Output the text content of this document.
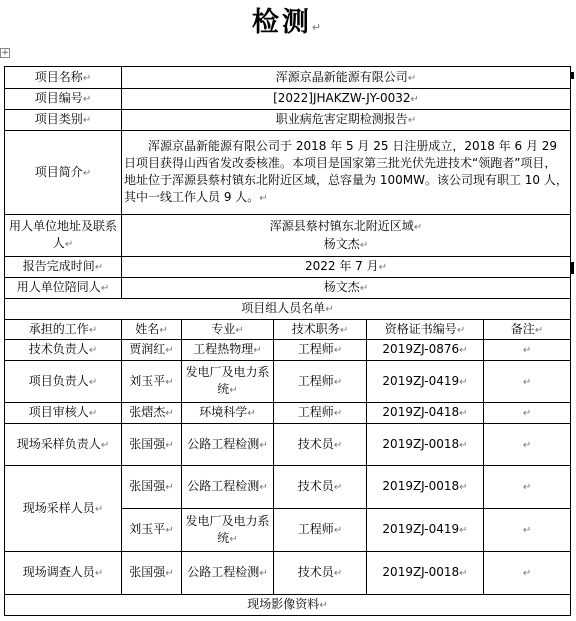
检测↵
+
项目名称↵	浑源京晶新能源有限公司↵				
项目编号↵	[2022]JHAKZW-JY-0032↵				
项目类别↵	职业病危害定期检测报告↵				
项目简介↵	浑源京晶新能源有限公司于 2018 年 5 月 25 日注册成立，2018 年 6 月 29 日项目获得山西省发改委核准。本项目是国家第三批光伏先进技术“领跑者”项目，地址位于浑源县蔡村镇东北附近区域，总容量为 100MW。该公司现有职工 10 人，其中一线工作人员 9 人。↵				
用人单位地址及联系人↵	浑源县蔡村镇东北附近区域↵
杨文杰↵				

报告完成时间↵	2022 年 7 月↵				
用人单位陪同人↵	杨文杰↵				
项目组人员名单↵					
承担的工作↵	姓名↵	专业↵	技术职务↵	资格证书编号↵	备注↵
技术负责人↵	贾润红↵	工程热物理↵	工程师↵	2019ZJ-0876↵	↵
项目负责人↵	刘玉平↵	发电厂及电力系统↵	工程师↵	2019ZJ-0419↵	↵
项目审核人↵	张熠杰↵	环境科学↵	工程师↵	2019ZJ-0418↵	↵
现场采样负责人↵	张国强↵	公路工程检测↵	技术员↵	2019ZJ-0018↵	↵
现场采样人员↵	张国强↵	公路工程检测↵	技术员↵	2019ZJ-0018↵	↵
	刘玉平↵	发电厂及电力系统↵	工程师↵	2019ZJ-0419↵	↵
现场调查人员↵	张国强↵	公路工程检测↵	技术员↵	2019ZJ-0018↵	↵
现场影像资料↵					
